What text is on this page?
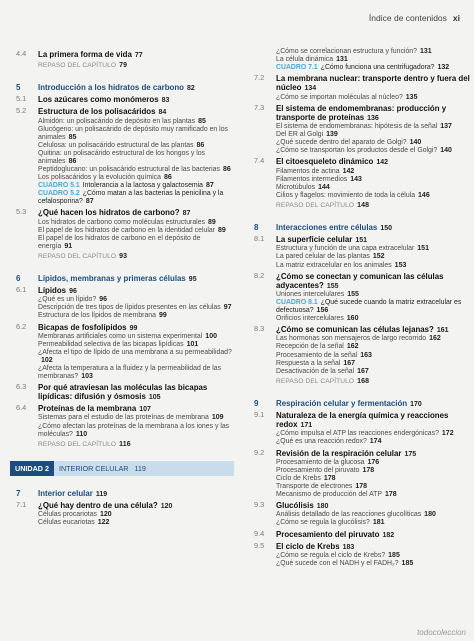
Índice de contenidos xi
4.4	La primera forma de vida 77
REPASO DEL CAPÍTULO 79
5	Introducción a los hidratos de carbono 82
5.1	Los azúcares como monómeros 83
5.2	Estructura de los polisacáridos 84
Almidón: un polisacárido de depósito en las plantas 85
Glucógeno: un polisacárido de depósito muy ramificado en los animales 85
Celulosa: un polisacárido estructural de las plantas 86
Quitina: un polisacárido estructural de los hongos y los animales 86
Peptidoglucano: un polisacárido estructural de las bacterias 86
Los polisacáridos y la evolución química 86
CUADRO 5.1 Intolerancia a la lactosa y galactosemia 87
CUADRO 5.2 ¿Cómo matan a las bacterias la penicilina y la cefalosporina? 87
5.3	¿Qué hacen los hidratos de carbono? 87
Los hidratos de carbono como moléculas estructurales 89
El papel de los hidratos de carbono en la identidad celular 89
El papel de los hidratos de carbono en el depósito de energía 91
REPASO DEL CAPÍTULO 93
6	Lípidos, membranas y primeras células 95
6.1	Lípidos 96
¿Qué es un lípido? 96
Descripción de tres tipos de lípidos presentes en las células 97
Estructura de los lípidos de membrana 99
6.2	Bicapas de fosfolípidos 99
Membranas artificiales como un sistema experimental 100
Permeabilidad selectiva de las bicapas lipídicas 101
¿Afecta el tipo de lípido de una membrana a su permeabilidad?102
¿Afecta la temperatura a la fluidez y la permeabilidad de las membranas? 103
6.3	Por qué atraviesan las moléculas las bicapas lipídicas: difusión y ósmosis 105
6.4	Proteínas de la membrana 107
Sistemas para el estudio de las proteínas de membrana 109
¿Cómo afectan las proteínas de la membrana a los iones y las moléculas? 110
REPASO DEL CAPÍTULO 116
UNIDAD 2	INTERIOR CELULAR 119
7	Interior celular 119
7.1	¿Qué hay dentro de una célula? 120
Células procariotas 120
Células eucariotas 122
¿Cómo se correlacionan estructura y función? 131
La célula dinámica 131
CUADRO 7.1 ¿Cómo funciona una centrifugadora? 132
7.2	La membrana nuclear: transporte dentro y fuera del núcleo 134
¿Cómo se importan moléculas al núcleo? 135
7.3	El sistema de endomembranas: producción y transporte de proteínas 136
El sistema de endomembranas: hipótesis de la señal 137
Del ER al Golgi 139
¿Qué sucede dentro del aparato de Golgi? 140
¿Cómo se transportan los productos desde el Golgi? 140
7.4	El citoesqueleto dinámico 142
Filamentos de actina 142
Filamentos intermedios 143
Microtúbulos 144
Cilios y flagelos: movimiento de toda la célula 146
REPASO DEL CAPÍTULO 148
8	Interacciones entre células 150
8.1	La superficie celular 151
Estructura y función de una capa extracelular 151
La pared celular de las plantas 152
La matriz extracelular en los animales 153
8.2	¿Cómo se conectan y comunican las células adyacentes? 155
Uniones intercelulares 155
CUADRO 8.1 ¿Qué sucede cuando la matriz extracelular es defectuosa? 156
Orificios intercelulares 160
8.3	¿Cómo se comunican las células lejanas? 161
Las hormonas son mensajeros de largo recorrido 162
Recepción de la señal 162
Procesamiento de la señal 163
Respuesta a la señal 167
Desactivación de la señal 167
REPASO DEL CAPÍTULO 168
9	Respiración celular y fermentación 170
9.1	Naturaleza de la energía química y reacciones redox 171
¿Cómo impulsa el ATP las reacciones endergónicas? 172
¿Qué es una reacción redox? 174
9.2	Revisión de la respiración celular 175
Procesamiento de la glucosa 176
Procesamiento del piruvato 178
Ciclo de Krebs 178
Transporte de electrones 178
Mecanismo de producción del ATP 178
9.3	Glucólisis 180
Análisis detallado de las reacciones glucolíticas 180
¿Cómo se regula la glucólisis? 181
9.4	Procesamiento del piruvato 182
9.5	El ciclo de Krebs 183
¿Cómo se regula el ciclo de Krebs? 185
¿Qué sucede con el NADH y el FADH₂? 185
todocoleccion
